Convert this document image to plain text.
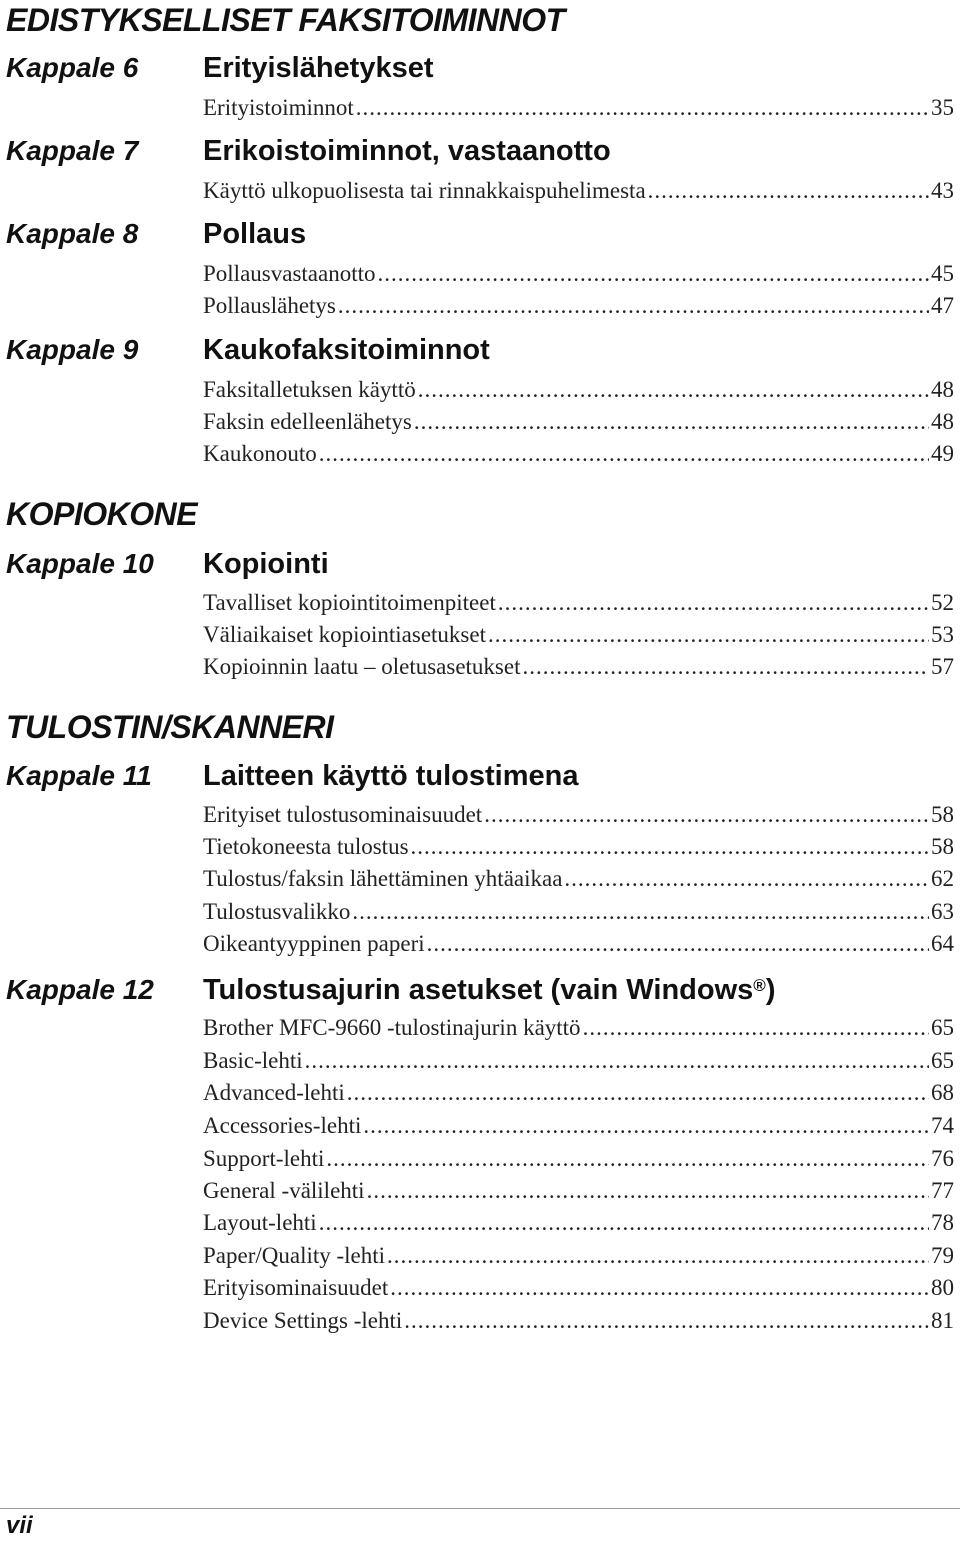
EDISTYKSELLISET FAKSITOIMINNOT
Kappale 6 Erityislähetykset
Erityistoiminnot .....	35
Kappale 7 Erikoistoiminnot, vastaanotto
Käyttö ulkopuolisesta tai rinnakkaispuhelimesta .....	43
Kappale 8 Pollaus
Pollausvastaanotto .....	45
Pollauslähetys .....	47
Kappale 9 Kaukofaksitoiminnot
Faksitalletuksen käyttö .....	48
Faksin edelleenlähetys .....	48
Kaukonouto .....	49
KOPIOKONE
Kappale 10 Kopiointi
Tavalliset kopiointitoimenpiteet .....	52
Väliaikaiset kopiointiasetukset .....	53
Kopioinnin laatu – oletusasetukset .....	57
TULOSTIN/SKANNERI
Kappale 11 Laitteen käyttö tulostimena
Erityiset tulostusominaisuudet .....	58
Tietokoneesta tulostus .....	58
Tulostus/faksin lähettäminen yhtäaikaa .....	62
Tulostusvalikko .....	63
Oikeantyyppinen paperi .....	64
Kappale 12 Tulostusajurin asetukset (vain Windows®)
Brother MFC-9660 -tulostinajurin käyttö .....	65
Basic-lehti .....	65
Advanced-lehti .....	68
Accessories-lehti .....	74
Support-lehti .....	76
General -välilehti .....	77
Layout-lehti .....	78
Paper/Quality -lehti .....	79
Erityisominaisuudet .....	80
Device Settings -lehti .....	81
vii
